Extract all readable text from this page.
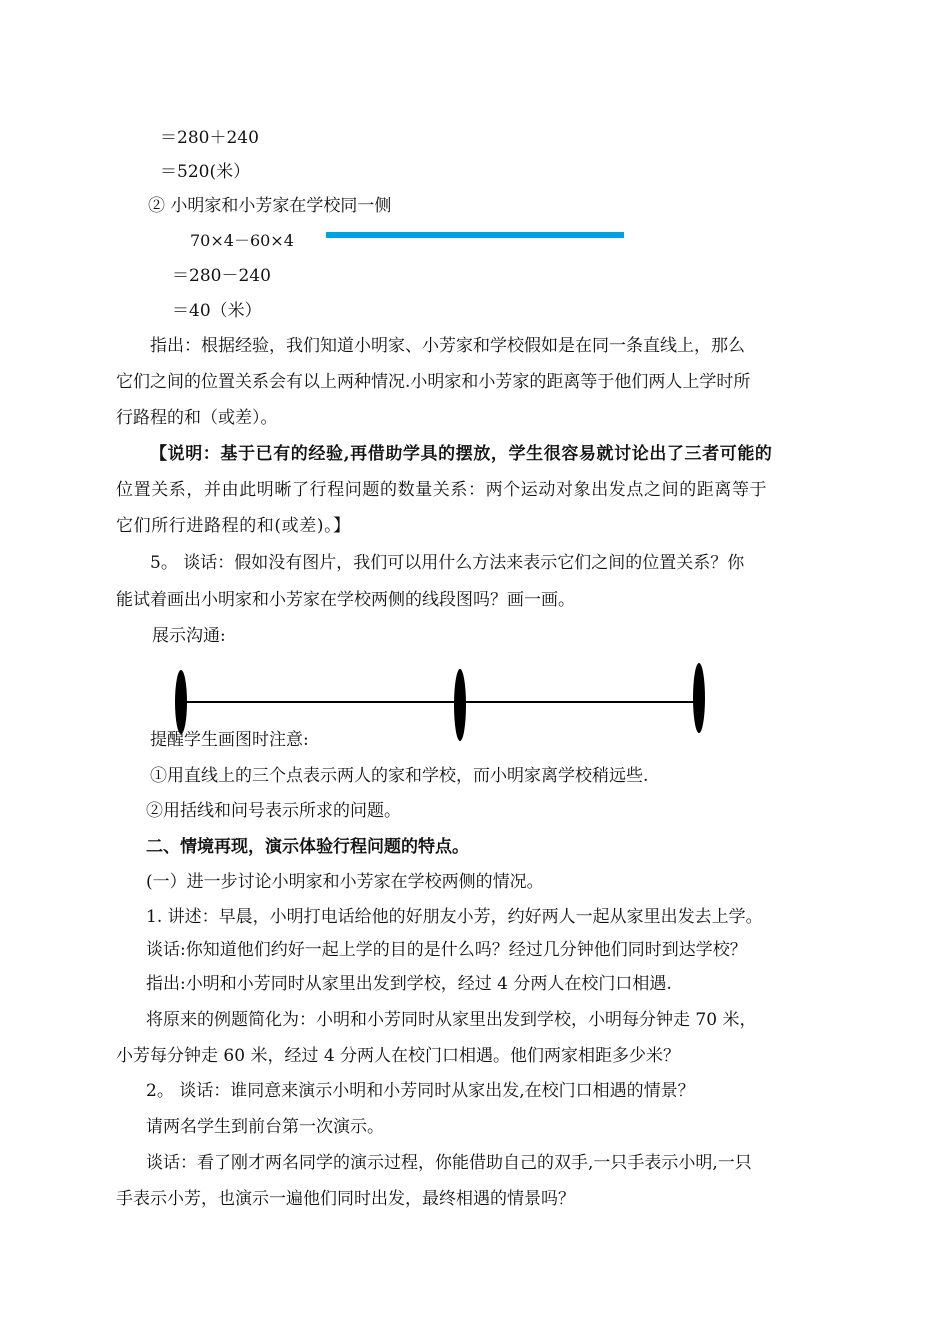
＝280＋240
＝520(米）
② 小明家和小芳家在学校同一侧
70×4－60×4
＝280－240
＝40（米）
指出：根据经验，我们知道小明家、小芳家和学校假如是在同一条直线上，那么
它们之间的位置关系会有以上两种情况.小明家和小芳家的距离等于他们两人上学时所
行路程的和（或差）。
【说明：基于已有的经验,再借助学具的摆放，学生很容易就讨论出了三者可能的
位置关系，并由此明晰了行程问题的数量关系：两个运动对象出发点之间的距离等于
它们所行进路程的和(或差)。】
5。 谈话：假如没有图片，我们可以用什么方法来表示它们之间的位置关系？你
能试着画出小明家和小芳家在学校两侧的线段图吗？画一画。
展示沟通:
提醒学生画图时注意:
①用直线上的三个点表示两人的家和学校，而小明家离学校稍远些.
②用括线和问号表示所求的问题。
二、情境再现，演示体验行程问题的特点。
(一）进一步讨论小明家和小芳家在学校两侧的情况。
1. 讲述：早晨，小明打电话给他的好朋友小芳，约好两人一起从家里出发去上学。
谈话:你知道他们约好一起上学的目的是什么吗？经过几分钟他们同时到达学校？
指出:小明和小芳同时从家里出发到学校，经过 4 分两人在校门口相遇.
将原来的例题简化为：小明和小芳同时从家里出发到学校，小明每分钟走 70 米，
小芳每分钟走 60 米，经过 4 分两人在校门口相遇。他们两家相距多少米？
2。 谈话：谁同意来演示小明和小芳同时从家出发,在校门口相遇的情景？
请两名学生到前台第一次演示。
谈话：看了刚才两名同学的演示过程，你能借助自己的双手,一只手表示小明,一只
手表示小芳，也演示一遍他们同时出发，最终相遇的情景吗？
